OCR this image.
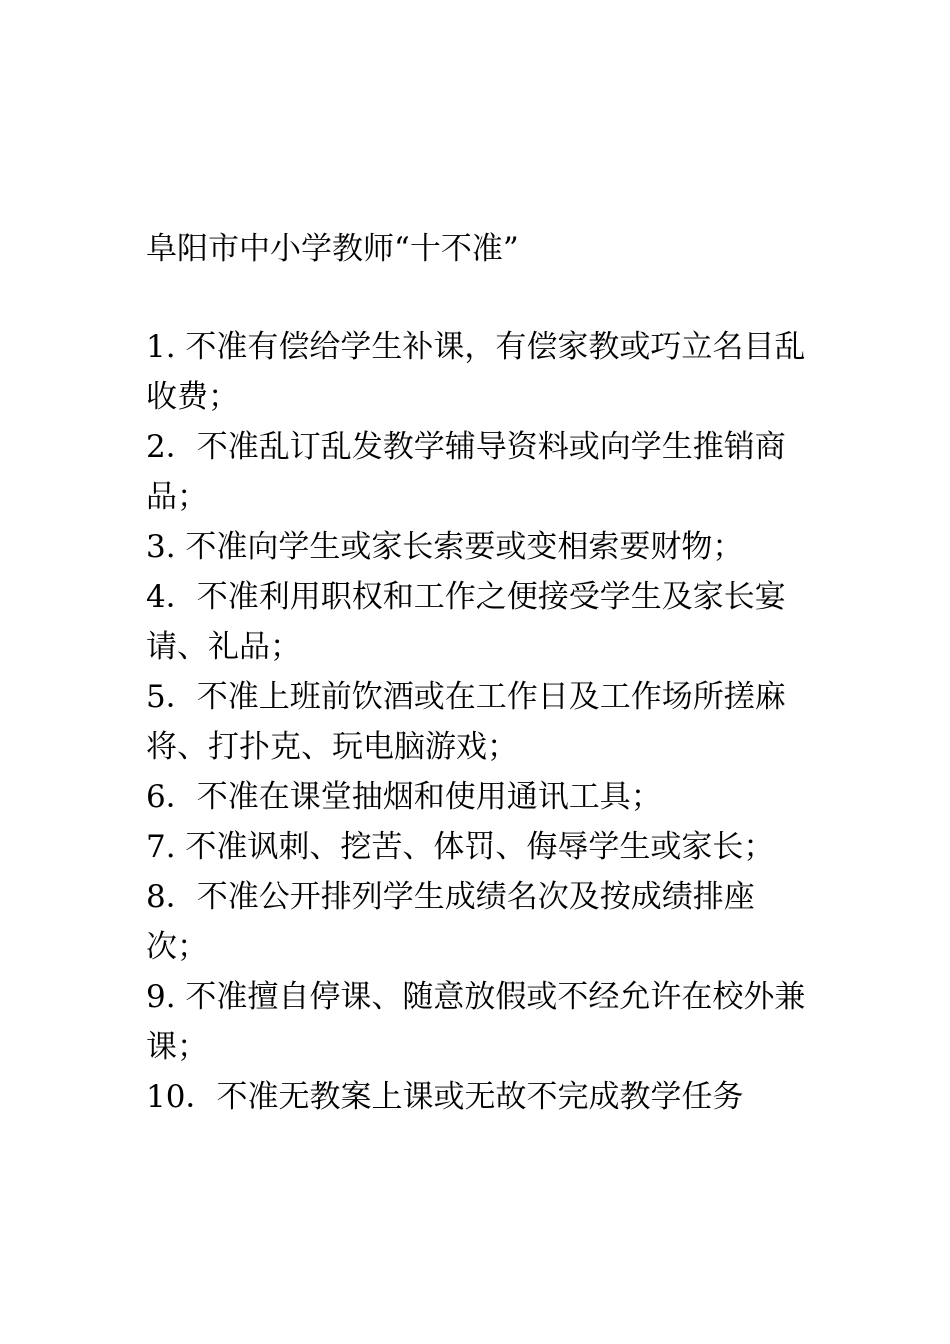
阜阳市中小学教师“十不准”
1. 不准有偿给学生补课，有偿家教或巧立名目乱收费；
2．不准乱订乱发教学辅导资料或向学生推销商品；
3. 不准向学生或家长索要或变相索要财物；
4．不准利用职权和工作之便接受学生及家长宴请、礼品；
5．不准上班前饮酒或在工作日及工作场所搓麻将、打扑克、玩电脑游戏；
6．不准在课堂抽烟和使用通讯工具；
7. 不准讽刺、挖苦、体罚、侮辱学生或家长；
8．不准公开排列学生成绩名次及按成绩排座次；
9. 不准擅自停课、随意放假或不经允许在校外兼课；
10．不准无教案上课或无故不完成教学任务
